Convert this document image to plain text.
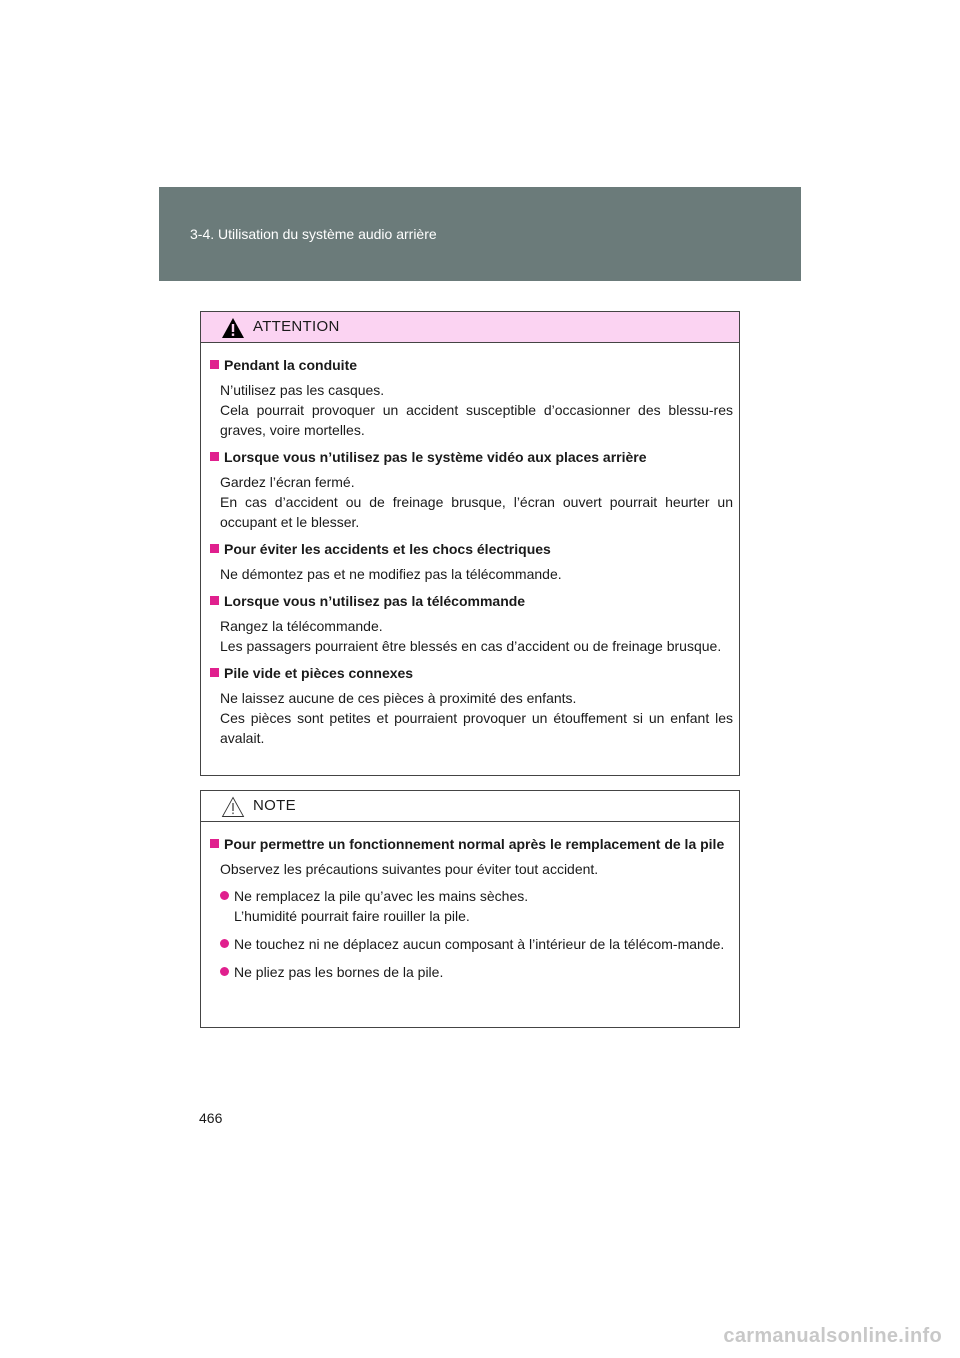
3-4. Utilisation du système audio arrière
ATTENTION
Pendant la conduite

N’utilisez pas les casques.

Cela pourrait provoquer un accident susceptible d’occasionner des blessu-res graves, voire mortelles.

Lorsque vous n’utilisez pas le système vidéo aux places arrière

Gardez l’écran fermé.

En cas d’accident ou de freinage brusque, l’écran ouvert pourrait heurter un occupant et le blesser.

Pour éviter les accidents et les chocs électriques

Ne démontez pas et ne modifiez pas la télécommande.

Lorsque vous n’utilisez pas la télécommande

Rangez la télécommande.

Les passagers pourraient être blessés en cas d’accident ou de freinage brusque.

Pile vide et pièces connexes

Ne laissez aucune de ces pièces à proximité des enfants.

Ces pièces sont petites et pourraient provoquer un étouffement si un enfant les avalait.

NOTE
Pour permettre un fonctionnement normal après le remplacement de la pile

Observez les précautions suivantes pour éviter tout accident.

Ne remplacez la pile qu’avec les mains sèches.
L’humidité pourrait faire rouiller la pile.
Ne touchez ni ne déplacez aucun composant à l’intérieur de la télécom-mande.
Ne pliez pas les bornes de la pile.
466
carmanualsonline.info
